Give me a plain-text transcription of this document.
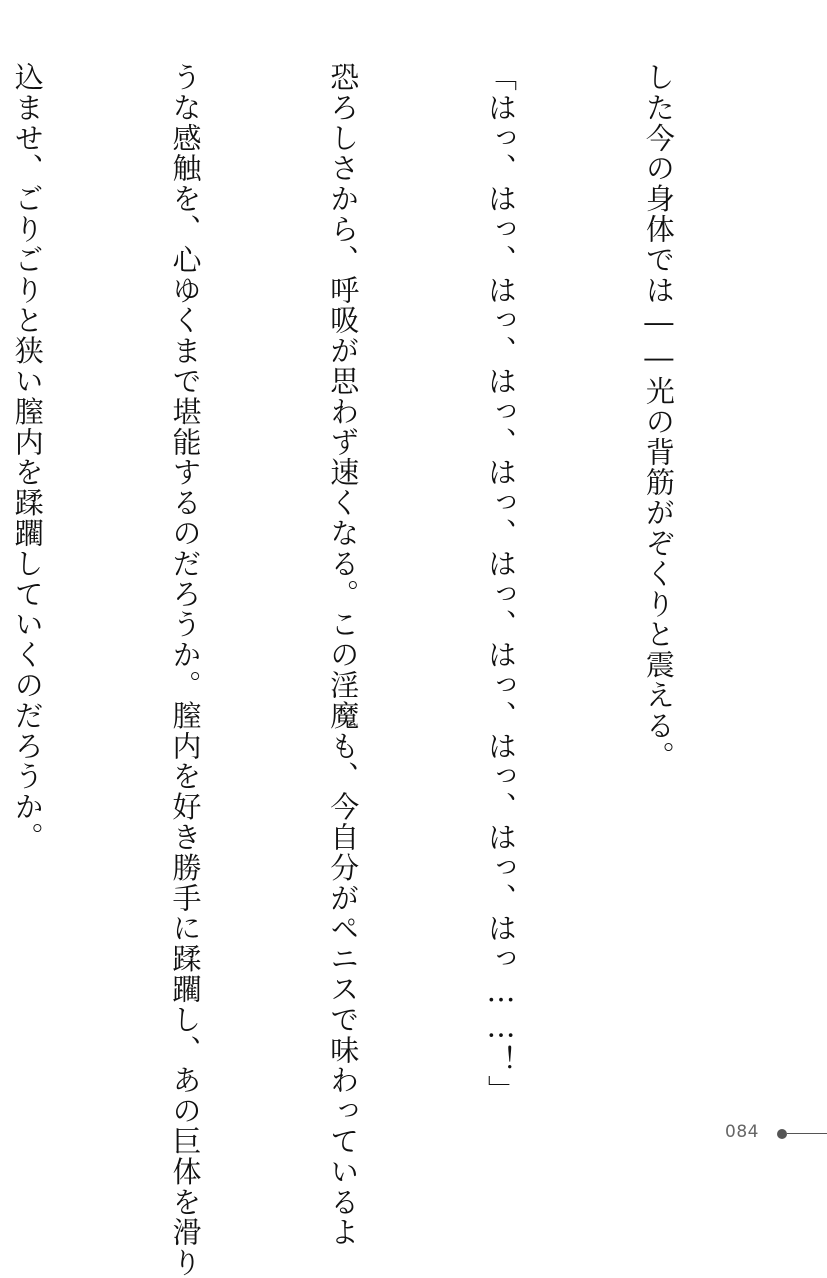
した今の身体では――光の背筋がぞくりと震える。

「はっ、はっ、はっ、はっ、はっ、はっ、はっ、はっ、はっ、はっ……！」

恐ろしさから、呼吸が思わず速くなる。この淫魔も、今自分がペニスで味わっているよ

うな感触を、心ゆくまで堪能するのだろうか。膣内を好き勝手に蹂躙し、あの巨体を滑り

込ませ、ごりごりと狭い膣内を蹂躙していくのだろうか。

084
